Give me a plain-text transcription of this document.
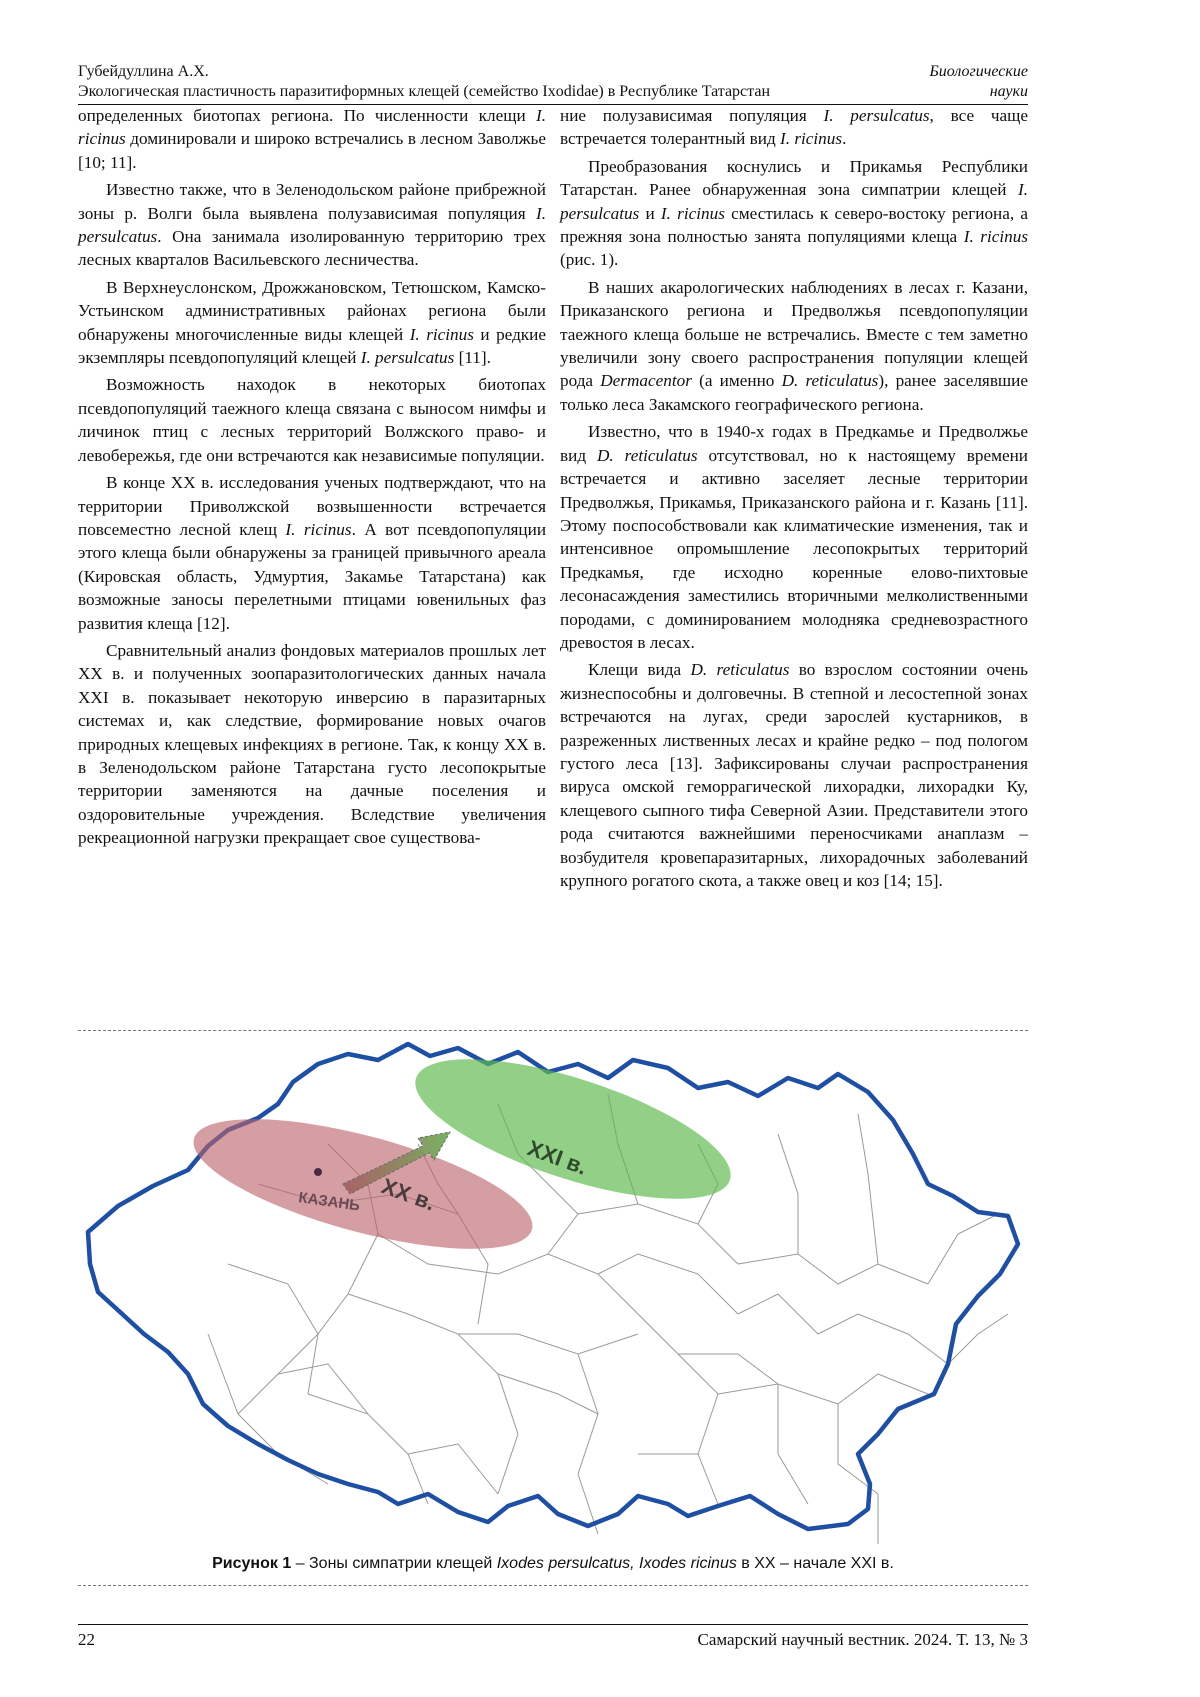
Губейдуллина А.Х.
Экологическая пластичность паразитиформных клещей (семейство Ixodidae) в Республике Татарстан
Биологические
науки

определенных биотопах региона. По численности клещи I. ricinus доминировали и широко встречались в лесном Заволжье [10; 11].

Известно также, что в Зеленодольском районе прибрежной зоны р. Волги была выявлена полузависимая популяция I. persulcatus. Она занимала изолированную территорию трех лесных кварталов Васильевского лесничества.

В Верхнеуслонском, Дрожжановском, Тетюшском, Камско-Устьинском административных районах региона были обнаружены многочисленные виды клещей I. ricinus и редкие экземпляры псевдопопуляций клещей I. persulcatus [11].

Возможность находок в некоторых биотопах псевдопопуляций таежного клеща связана с выносом нимфы и личинок птиц с лесных территорий Волжского право- и левобережья, где они встречаются как независимые популяции.

В конце XX в. исследования ученых подтверждают, что на территории Приволжской возвышенности встречается повсеместно лесной клещ I. ricinus. А вот псевдопопуляции этого клеща были обнаружены за границей привычного ареала (Кировская область, Удмуртия, Закамье Татарстана) как возможные заносы перелетными птицами ювенильных фаз развития клеща [12].

Сравнительный анализ фондовых материалов прошлых лет XX в. и полученных зоопаразитологических данных начала XXI в. показывает некоторую инверсию в паразитарных системах и, как следствие, формирование новых очагов природных клещевых инфекциях в регионе. Так, к концу XX в. в Зеленодольском районе Татарстана густо лесопокрытые территории заменяются на дачные поселения и оздоровительные учреждения. Вследствие увеличения рекреационной нагрузки прекращает свое существова-

ние полузависимая популяция I. persulcatus, все чаще встречается толерантный вид I. ricinus.

Преобразования коснулись и Прикамья Республики Татарстан. Ранее обнаруженная зона симпатрии клещей I. persulcatus и I. ricinus сместилась к северо-востоку региона, а прежняя зона полностью занята популяциями клеща I. ricinus (рис. 1).

В наших акарологических наблюдениях в лесах г. Казани, Приказанского региона и Предволжья псевдопопуляции таежного клеща больше не встречались. Вместе с тем заметно увеличили зону своего распространения популяции клещей рода Dermacentor (а именно D. reticulatus), ранее заселявшие только леса Закамского географического региона.

Известно, что в 1940-х годах в Предкамье и Предволжье вид D. reticulatus отсутствовал, но к настоящему времени встречается и активно заселяет лесные территории Предволжья, Прикамья, Приказанского района и г. Казань [11]. Этому поспособствовали как климатические изменения, так и интенсивное опромышление лесопокрытых территорий Предкамья, где исходно коренные елово-пихтовые лесонасаждения заместились вторичными мелколиственными породами, с доминированием молодняка средневозрастного древостоя в лесах.

Клещи вида D. reticulatus во взрослом состоянии очень жизнеспособны и долговечны. В степной и лесостепной зонах встречаются на лугах, среди зарослей кустарников, в разреженных лиственных лесах и крайне редко – под пологом густого леса [13]. Зафиксированы случаи распространения вируса омской геморрагической лихорадки, лихорадки Ку, клещевого сыпного тифа Северной Азии. Представители этого рода считаются важнейшими переносчиками анаплазм – возбудителя кровепаразитарных, лихорадочных заболеваний крупного рогатого скота, а также овец и коз [14; 15].

КАЗАНЬ XX в.
XXI в.
Рисунок 1 – Зоны симпатрии клещей Ixodes persulcatus, Ixodes ricinus в XX – начале XXI в.
22	Самарский научный вестник. 2024. Т. 13, № 3
